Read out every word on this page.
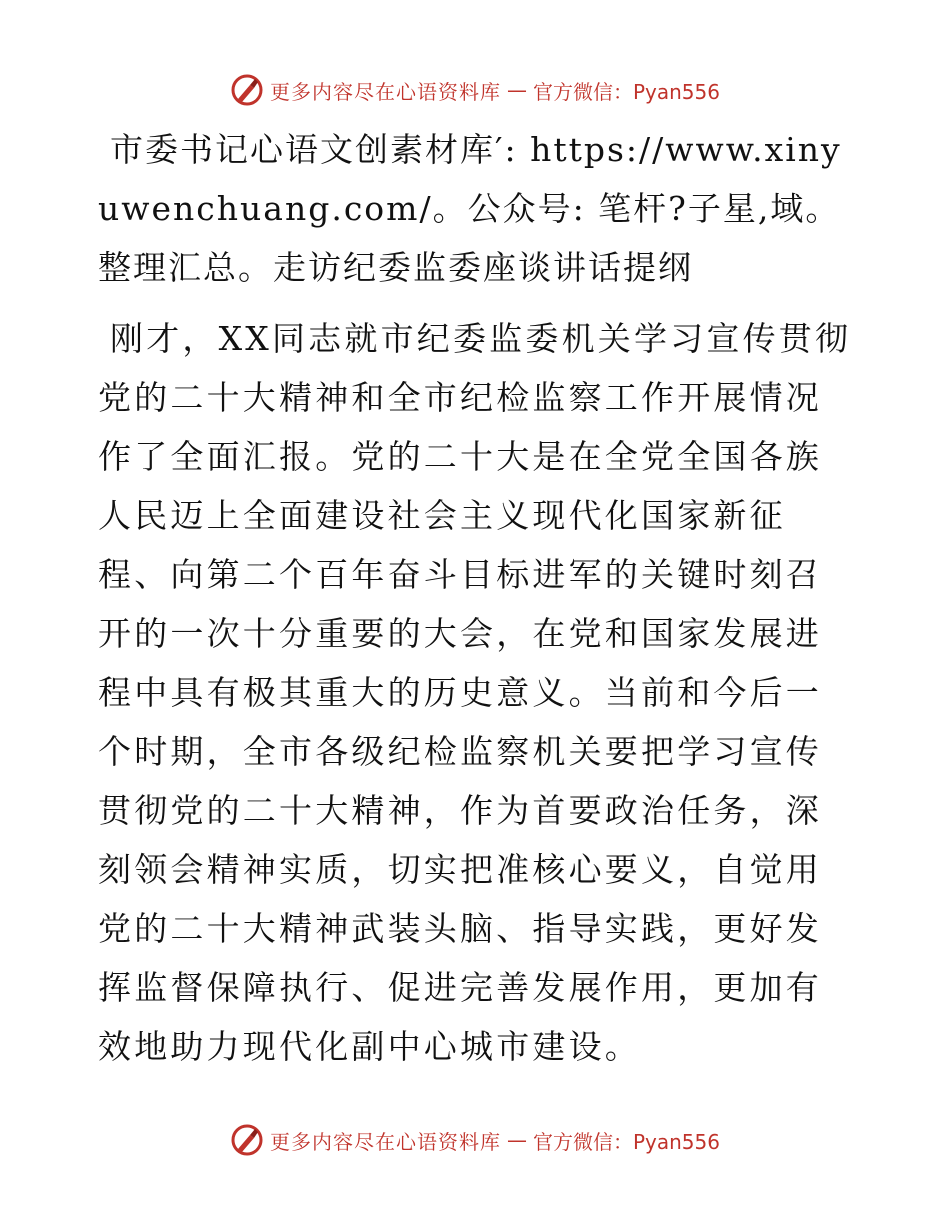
更多内容尽在心语资料库 — 官方微信：Pyan556

市委书记心语文创素材库′: https://www.xinyuwenchuang.com/。公众号: 笔杆?子星,域。整理汇总。走访纪委监委座谈讲话提纲

刚才，XX同志就市纪委监委机关学习宣传贯彻党的二十大精神和全市纪检监察工作开展情况作了全面汇报。党的二十大是在全党全国各族人民迈上全面建设社会主义现代化国家新征程、向第二个百年奋斗目标进军的关键时刻召开的一次十分重要的大会，在党和国家发展进程中具有极其重大的历史意义。当前和今后一个时期，全市各级纪检监察机关要把学习宣传贯彻党的二十大精神，作为首要政治任务，深刻领会精神实质，切实把准核心要义，自觉用党的二十大精神武装头脑、指导实践，更好发挥监督保障执行、促进完善发展作用，更加有效地助力现代化副中心城市建设。

更多内容尽在心语资料库 — 官方微信：Pyan556
